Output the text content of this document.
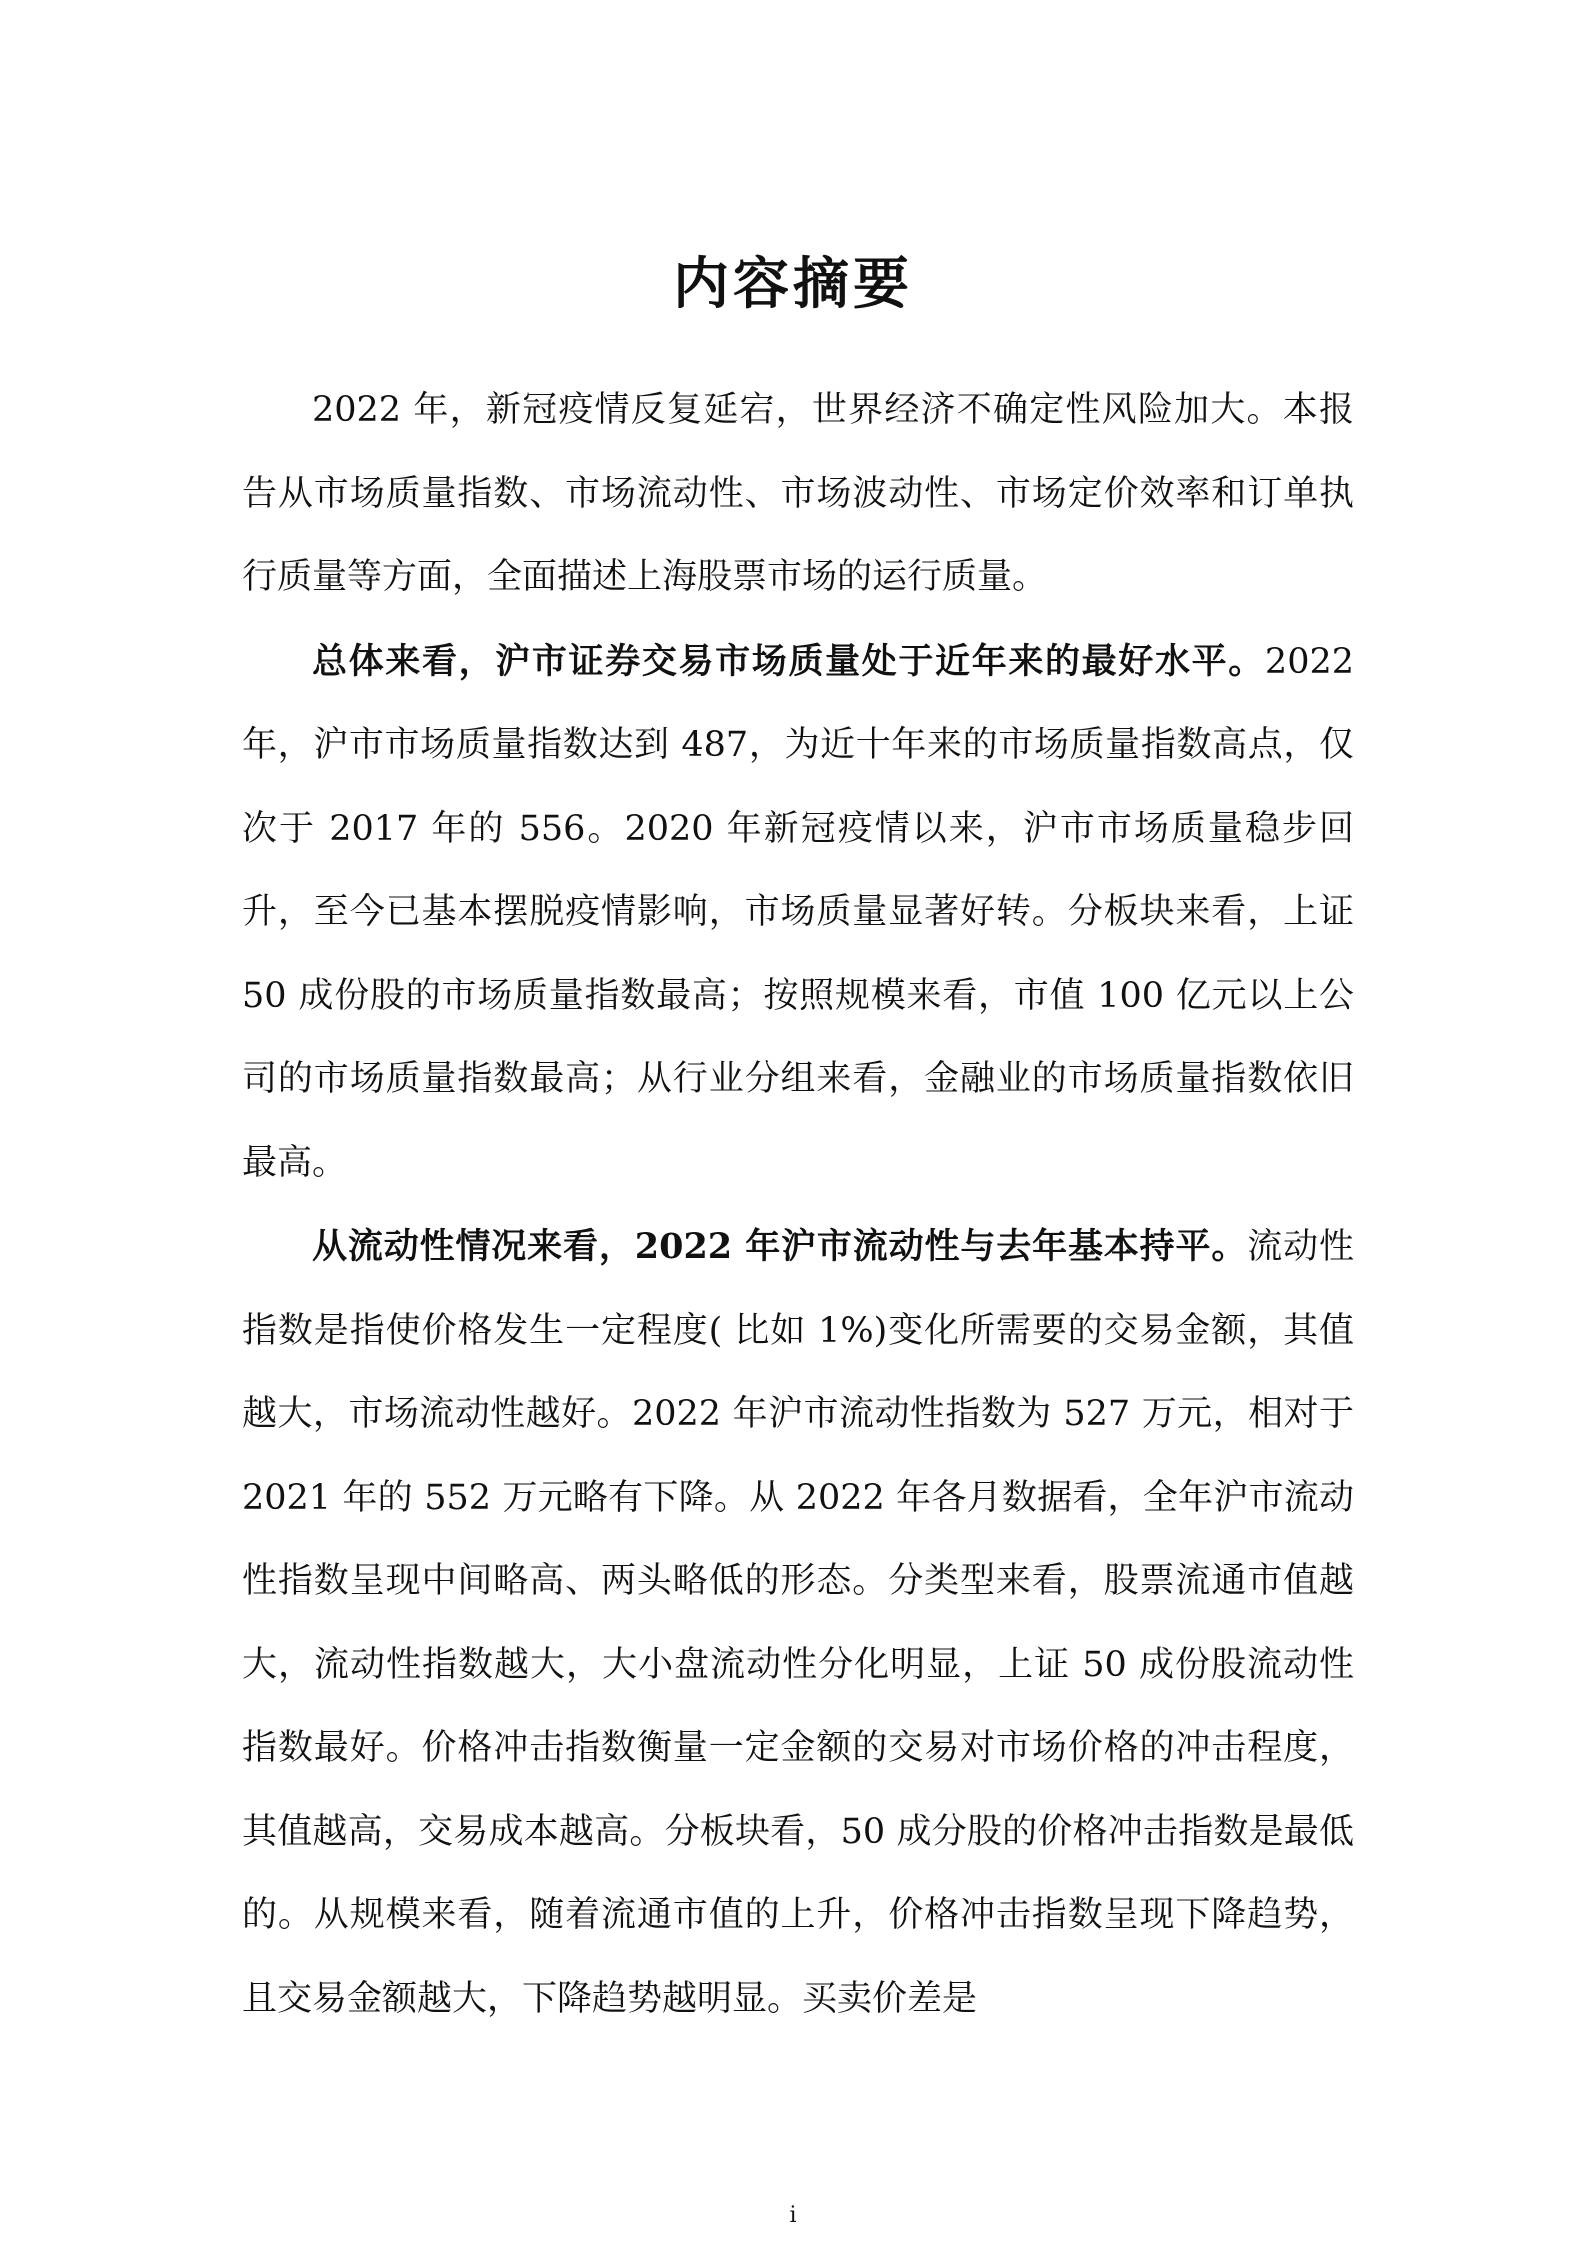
内容摘要

2022 年，新冠疫情反复延宕，世界经济不确定性风险加大。本报告从市场质量指数、市场流动性、市场波动性、市场定价效率和订单执行质量等方面，全面描述上海股票市场的运行质量。

总体来看，沪市证券交易市场质量处于近年来的最好水平。2022 年，沪市市场质量指数达到 487，为近十年来的市场质量指数高点，仅次于 2017 年的 556。2020 年新冠疫情以来，沪市市场质量稳步回升，至今已基本摆脱疫情影响，市场质量显著好转。分板块来看，上证 50 成份股的市场质量指数最高；按照规模来看，市值 100 亿元以上公司的市场质量指数最高；从行业分组来看，金融业的市场质量指数依旧最高。

从流动性情况来看，2022 年沪市流动性与去年基本持平。流动性指数是指使价格发生一定程度( 比如 1%)变化所需要的交易金额，其值越大，市场流动性越好。2022 年沪市流动性指数为 527 万元，相对于 2021 年的 552 万元略有下降。从 2022 年各月数据看，全年沪市流动性指数呈现中间略高、两头略低的形态。分类型来看，股票流通市值越大，流动性指数越大，大小盘流动性分化明显，上证 50 成份股流动性指数最好。价格冲击指数衡量一定金额的交易对市场价格的冲击程度，其值越高，交易成本越高。分板块看，50 成分股的价格冲击指数是最低的。从规模来看，随着流通市值的上升，价格冲击指数呈现下降趋势，且交易金额越大，下降趋势越明显。买卖价差是

i
